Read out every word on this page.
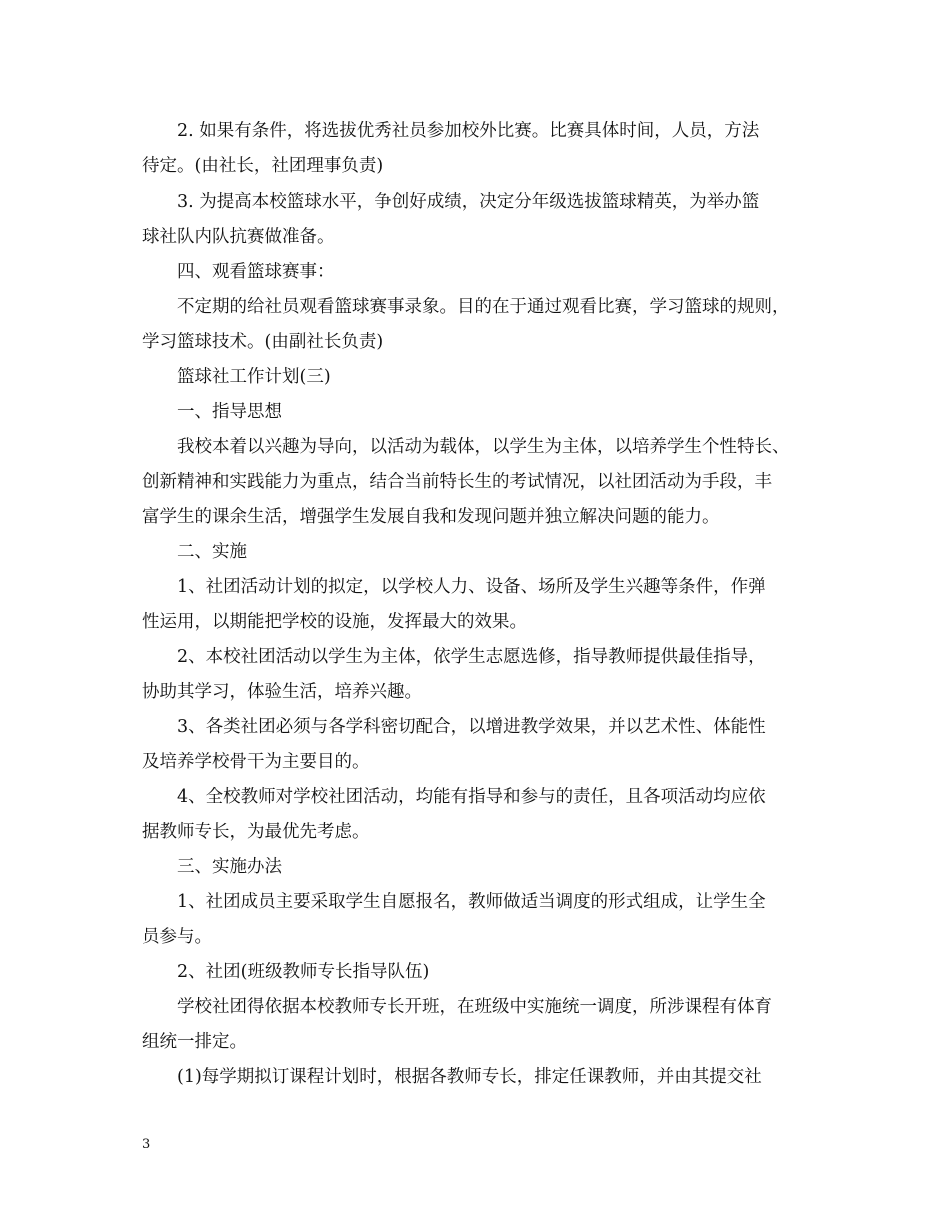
2. 如果有条件，将选拔优秀社员参加校外比赛。比赛具体时间，人员，方法
待定。(由社长，社团理事负责)
3. 为提高本校篮球水平，争创好成绩，决定分年级选拔篮球精英，为举办篮
球社队内队抗赛做准备。
四、观看篮球赛事：
不定期的给社员观看篮球赛事录象。目的在于通过观看比赛，学习篮球的规则，
学习篮球技术。(由副社长负责)
篮球社工作计划(三)
一、指导思想
我校本着以兴趣为导向，以活动为载体，以学生为主体，以培养学生个性特长、
创新精神和实践能力为重点，结合当前特长生的考试情况，以社团活动为手段，丰
富学生的课余生活，增强学生发展自我和发现问题并独立解决问题的能力。
二、实施
1、社团活动计划的拟定，以学校人力、设备、场所及学生兴趣等条件，作弹
性运用，以期能把学校的设施，发挥最大的效果。
2、本校社团活动以学生为主体，依学生志愿选修，指导教师提供最佳指导，
协助其学习，体验生活，培养兴趣。
3、各类社团必须与各学科密切配合，以增进教学效果，并以艺术性、体能性
及培养学校骨干为主要目的。
4、全校教师对学校社团活动，均能有指导和参与的责任，且各项活动均应依
据教师专长，为最优先考虑。
三、实施办法
1、社团成员主要采取学生自愿报名，教师做适当调度的形式组成，让学生全
员参与。
2、社团(班级教师专长指导队伍)
学校社团得依据本校教师专长开班，在班级中实施统一调度，所涉课程有体育
组统一排定。
(1)每学期拟订课程计划时，根据各教师专长，排定任课教师，并由其提交社
3
